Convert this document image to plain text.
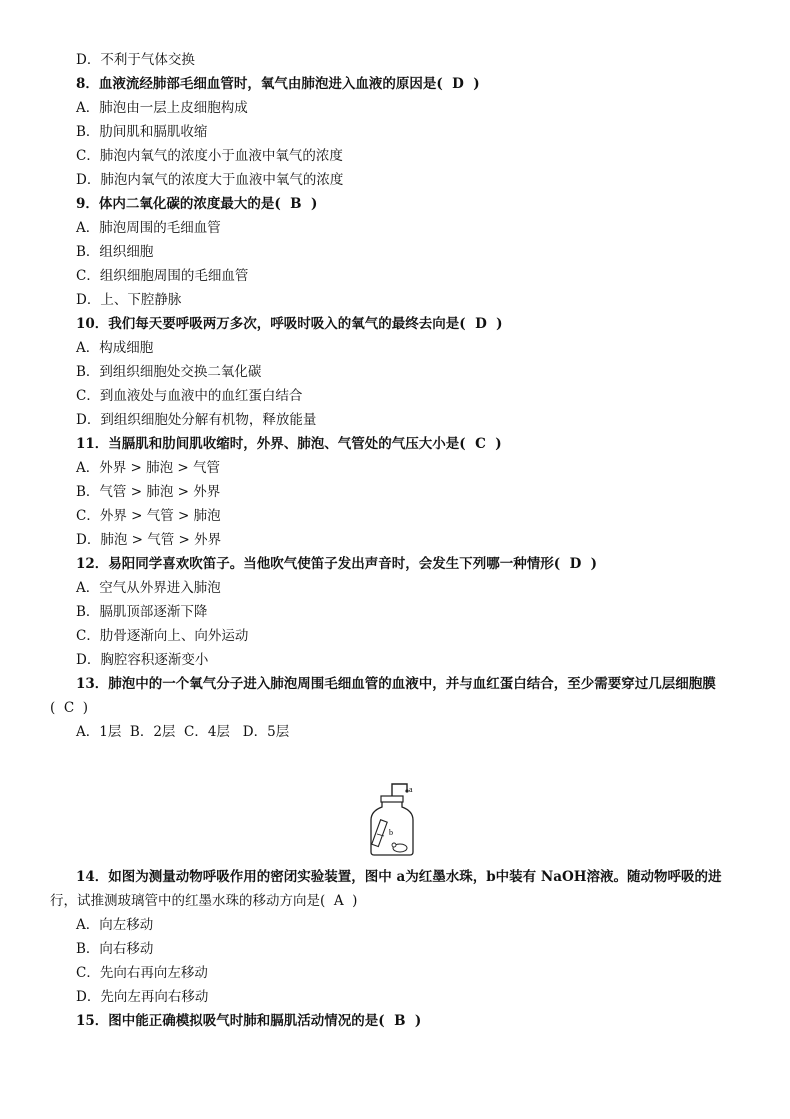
D．不利于气体交换
8．血液流经肺部毛细血管时，氧气由肺泡进入血液的原因是(  D  )
A．肺泡由一层上皮细胞构成
B．肋间肌和膈肌收缩
C．肺泡内氧气的浓度小于血液中氧气的浓度
D．肺泡内氧气的浓度大于血液中氧气的浓度
9．体内二氧化碳的浓度最大的是(  B  )
A．肺泡周围的毛细血管
B．组织细胞
C．组织细胞周围的毛细血管
D．上、下腔静脉
10．我们每天要呼吸两万多次，呼吸时吸入的氧气的最终去向是(  D  )
A．构成细胞
B．到组织细胞处交换二氧化碳
C．到血液处与血液中的血红蛋白结合
D．到组织细胞处分解有机物，释放能量
11．当膈肌和肋间肌收缩时，外界、肺泡、气管处的气压大小是(  C  )
A．外界 > 肺泡 > 气管
B．气管 > 肺泡 > 外界
C．外界 > 气管 > 肺泡
D．肺泡 > 气管 > 外界
12．易阳同学喜欢吹笛子。当他吹气使笛子发出声音时，会发生下列哪一种情形(  D  )
A．空气从外界进入肺泡
B．膈肌顶部逐渐下降
C．肋骨逐渐向上、向外运动
D．胸腔容积逐渐变小
13．肺泡中的一个氧气分子进入肺泡周围毛细血管的血液中，并与血红蛋白结合，至少需要穿过几层细胞膜
(  C  )
A．1层  B．2层  C．4层   D．5层
a
b
14．如图为测量动物呼吸作用的密闭实验装置，图中 a为红墨水珠，b中装有 NaOH溶液。随动物呼吸的进
行，试推测玻璃管中的红墨水珠的移动方向是(  A  )
A．向左移动
B．向右移动
C．先向右再向左移动
D．先向左再向右移动
15．图中能正确模拟吸气时肺和膈肌活动情况的是(  B  )
